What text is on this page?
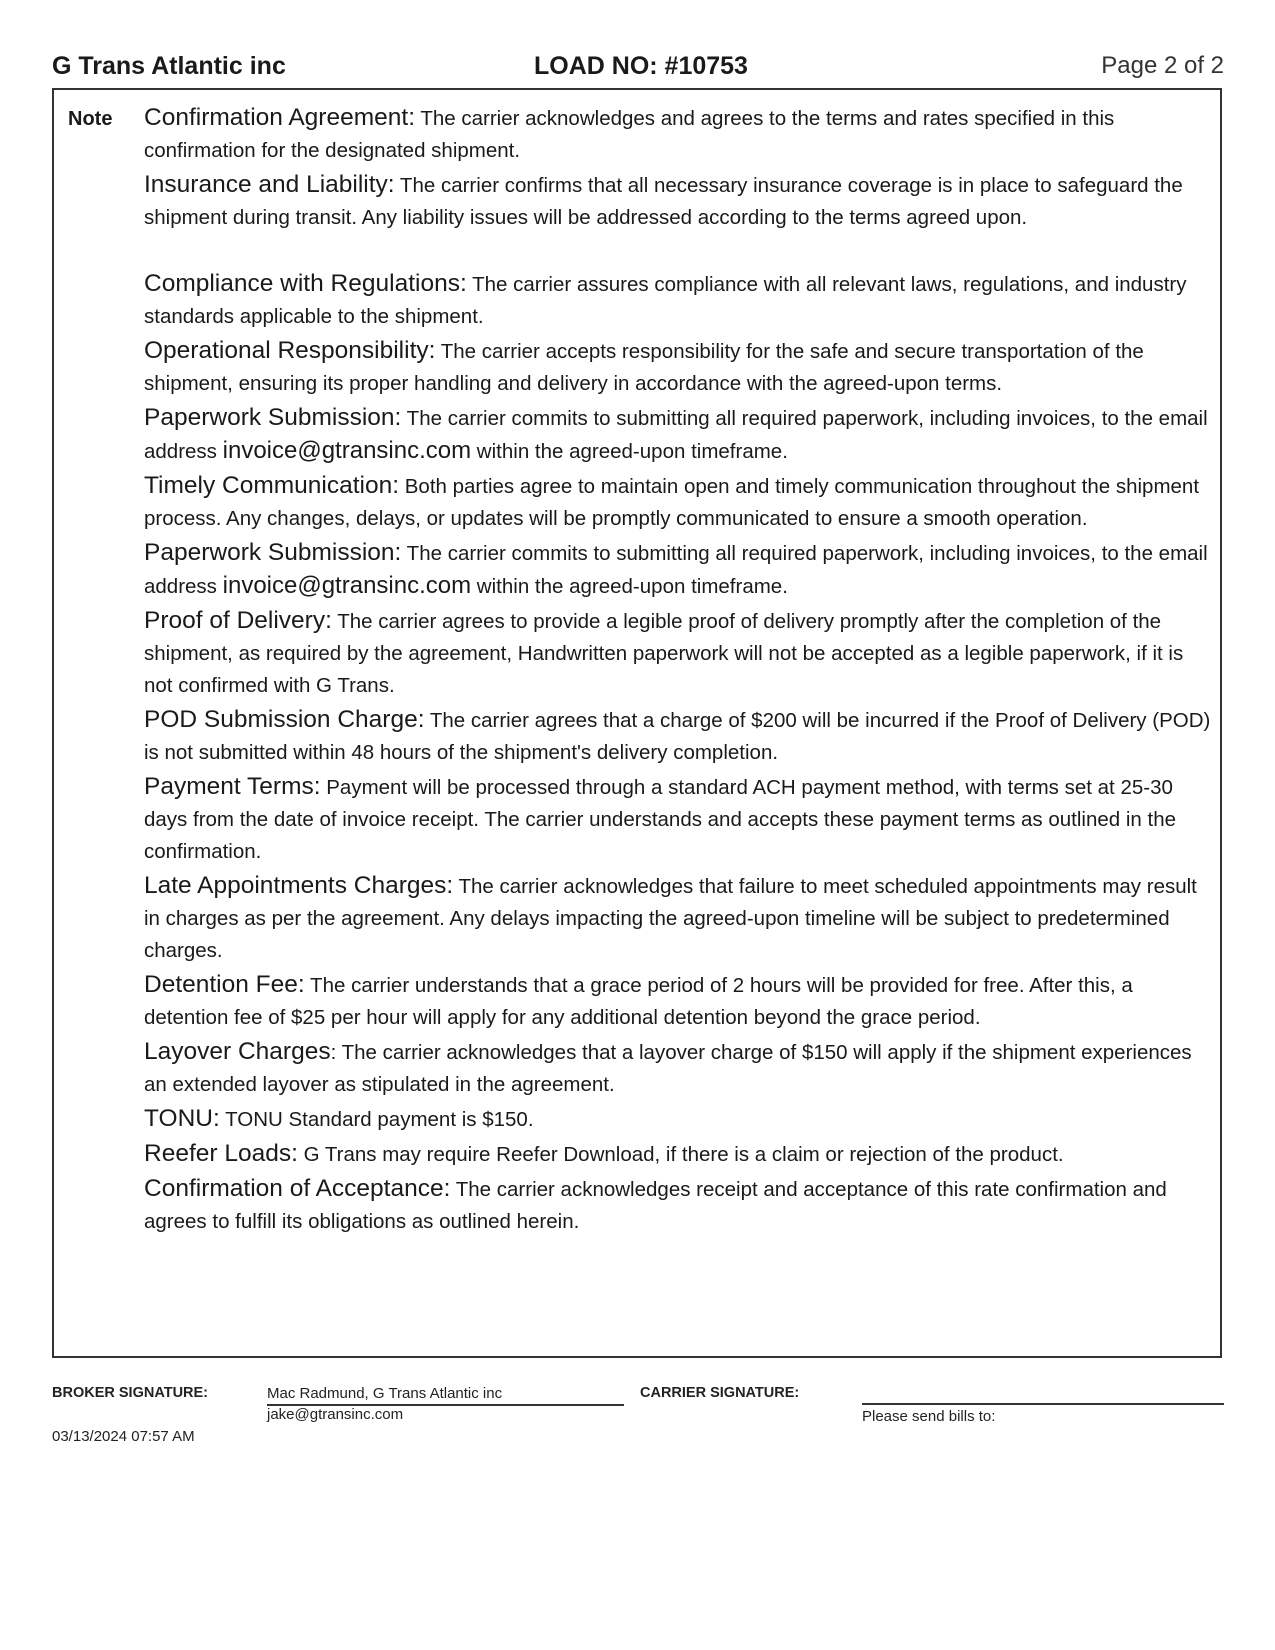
G Trans Atlantic inc	LOAD NO: #10753	Page 2 of 2
Note Confirmation Agreement: The carrier acknowledges and agrees to the terms and rates specified in this confirmation for the designated shipment.

Insurance and Liability: The carrier confirms that all necessary insurance coverage is in place to safeguard the shipment during transit. Any liability issues will be addressed according to the terms agreed upon.

Compliance with Regulations: The carrier assures compliance with all relevant laws, regulations, and industry standards applicable to the shipment.

Operational Responsibility: The carrier accepts responsibility for the safe and secure transportation of the shipment, ensuring its proper handling and delivery in accordance with the agreed-upon terms.

Paperwork Submission: The carrier commits to submitting all required paperwork, including invoices, to the email address invoice@gtransinc.com within the agreed-upon timeframe.

Timely Communication: Both parties agree to maintain open and timely communication throughout the shipment process. Any changes, delays, or updates will be promptly communicated to ensure a smooth operation.

Paperwork Submission: The carrier commits to submitting all required paperwork, including invoices, to the email address invoice@gtransinc.com within the agreed-upon timeframe.

Proof of Delivery: The carrier agrees to provide a legible proof of delivery promptly after the completion of the shipment, as required by the agreement, Handwritten paperwork will not be accepted as a legible paperwork, if it is not confirmed with G Trans.

POD Submission Charge: The carrier agrees that a charge of $200 will be incurred if the Proof of Delivery (POD) is not submitted within 48 hours of the shipment's delivery completion.

Payment Terms: Payment will be processed through a standard ACH payment method, with terms set at 25-30 days from the date of invoice receipt. The carrier understands and accepts these payment terms as outlined in the confirmation.

Late Appointments Charges: The carrier acknowledges that failure to meet scheduled appointments may result in charges as per the agreement. Any delays impacting the agreed-upon timeline will be subject to predetermined charges.

Detention Fee: The carrier understands that a grace period of 2 hours will be provided for free. After this, a detention fee of $25 per hour will apply for any additional detention beyond the grace period.

Layover Charges: The carrier acknowledges that a layover charge of $150 will apply if the shipment experiences an extended layover as stipulated in the agreement.

TONU: TONU Standard payment is $150.

Reefer Loads: G Trans may require Reefer Download, if there is a claim or rejection of the product.

Confirmation of Acceptance: The carrier acknowledges receipt and acceptance of this rate confirmation and agrees to fulfill its obligations as outlined herein.

BROKER SIGNATURE:	Mac Radmund, G Trans Atlantic inc
jake@gtransinc.com
03/13/2024 07:57 AM
CARRIER SIGNATURE:
Please send bills to:
